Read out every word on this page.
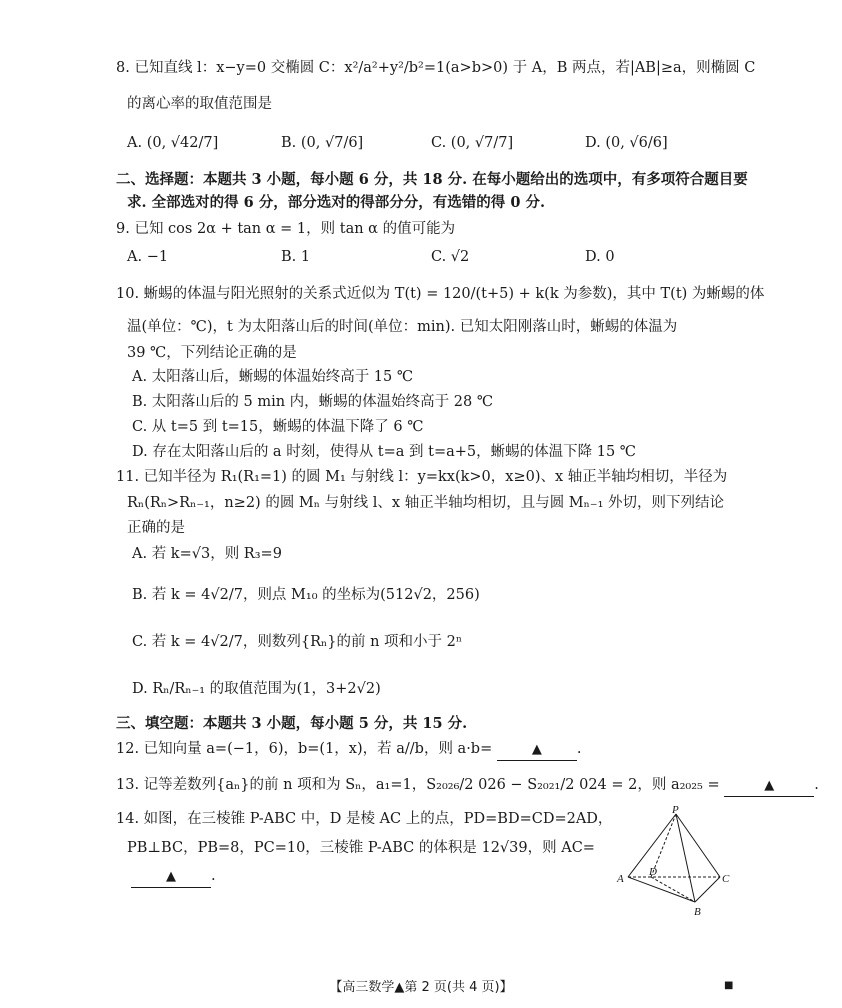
8. 已知直线 l：x−y=0 交椭圆 C：x²/a²+y²/b²=1(a>b>0) 于 A，B 两点，若|AB|≥a，则椭圆 C
的离心率的取值范围是
A. (0, √42/7]	B. (0, √7/6]	C. (0, √7/7]	D. (0, √6/6]
二、选择题：本题共 3 小题，每小题 6 分，共 18 分. 在每小题给出的选项中，有多项符合题目要
求. 全部选对的得 6 分，部分选对的得部分分，有选错的得 0 分.
9. 已知 cos 2α + tan α = 1，则 tan α 的值可能为
A. −1	B. 1	C. √2	D. 0
10. 蜥蜴的体温与阳光照射的关系式近似为 T(t) = 120/(t+5) + k(k 为参数)，其中 T(t) 为蜥蜴的体
温(单位：℃)，t 为太阳落山后的时间(单位：min). 已知太阳刚落山时，蜥蜴的体温为
39 ℃，下列结论正确的是
A. 太阳落山后，蜥蜴的体温始终高于 15 ℃
B. 太阳落山后的 5 min 内，蜥蜴的体温始终高于 28 ℃
C. 从 t=5 到 t=15，蜥蜴的体温下降了 6 ℃
D. 存在太阳落山后的 a 时刻，使得从 t=a 到 t=a+5，蜥蜴的体温下降 15 ℃
11. 已知半径为 R₁(R₁=1) 的圆 M₁ 与射线 l：y=kx(k>0，x≥0)、x 轴正半轴均相切，半径为
Rₙ(Rₙ>Rₙ₋₁，n≥2) 的圆 Mₙ 与射线 l、x 轴正半轴均相切，且与圆 Mₙ₋₁ 外切，则下列结论
正确的是
A. 若 k=√3，则 R₃=9
B. 若 k = 4√2/7，则点 M₁₀ 的坐标为(512√2，256)
C. 若 k = 4√2/7，则数列{Rₙ}的前 n 项和小于 2ⁿ
D. Rₙ/Rₙ₋₁ 的取值范围为(1，3+2√2)
三、填空题：本题共 3 小题，每小题 5 分，共 15 分.
12. 已知向量 a=(−1，6)，b=(1，x)，若 a//b，则 a·b=	▲ .
13. 记等差数列{aₙ}的前 n 项和为 Sₙ，a₁=1，S₂₀₂₆/2 026 − S₂₀₂₁/2 024 = 2，则 a₂₀₂₅ =	▲	.
14. 如图，在三棱锥 P-ABC 中，D 是棱 AC 上的点，PD=BD=CD=2AD，
PB⊥BC，PB=8，PC=10，三棱锥 P-ABC 的体积是 12√39，则 AC=
▲ .
P
A	C
B
D
【高三数学▲第 2 页(共 4 页)】	■
